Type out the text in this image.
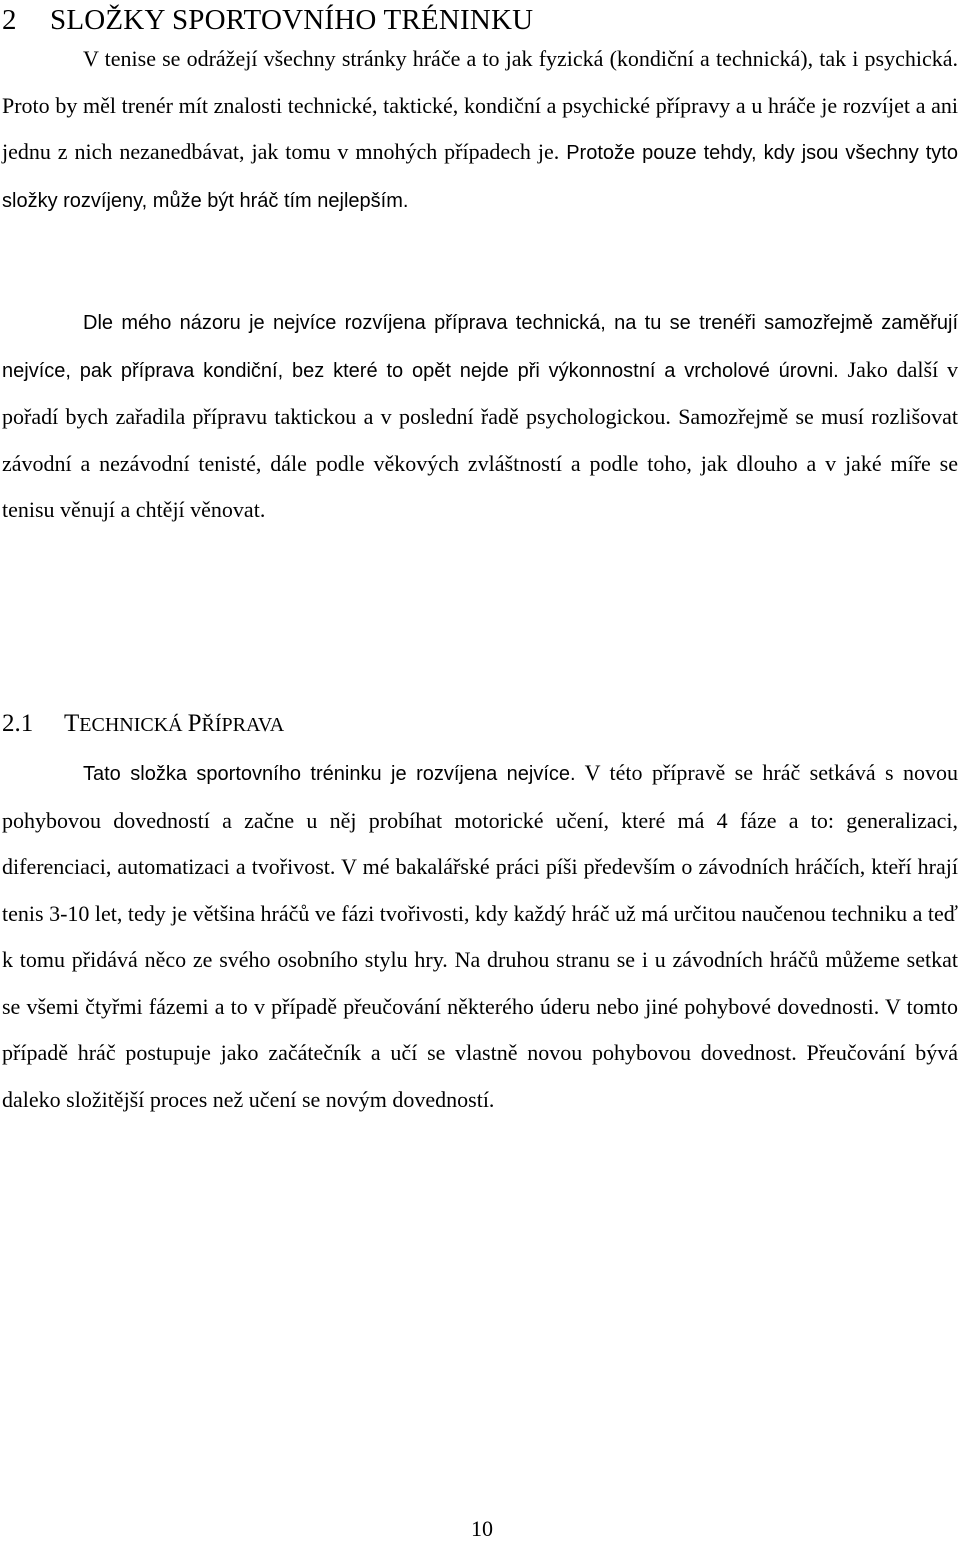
2 SLOŽKY SPORTOVNÍHO TRÉNINKU

V tenise se odrážejí všechny stránky hráče a to jak fyzická (kondiční a technická), tak i psychická. Proto by měl trenér mít znalosti technické, taktické, kondiční a psychické přípravy a u hráče je rozvíjet a ani jednu z nich nezanedbávat, jak tomu v mnohých případech je. Protože pouze tehdy, kdy jsou všechny tyto složky rozvíjeny, může být hráč tím nejlepším.

Dle mého názoru je nejvíce rozvíjena příprava technická, na tu se trenéři samozřejmě zaměřují nejvíce, pak příprava kondiční, bez které to opět nejde při výkonnostní a vrcholové úrovni. Jako další v pořadí bych zařadila přípravu taktickou a v poslední řadě psychologickou. Samozřejmě se musí rozlišovat závodní a nezávodní tenisté, dále podle věkových zvláštností a podle toho, jak dlouho a v jaké míře se tenisu věnují a chtějí věnovat.

2.1 TECHNICKÁ PŘÍPRAVA

Tato složka sportovního tréninku je rozvíjena nejvíce. V této přípravě se hráč setkává s novou pohybovou dovedností a začne u něj probíhat motorické učení, které má 4 fáze a to: generalizaci, diferenciaci, automatizaci a tvořivost. V mé bakalářské práci píši především o závodních hráčích, kteří hrají tenis 3-10 let, tedy je většina hráčů ve fázi tvořivosti, kdy každý hráč už má určitou naučenou techniku a teď k tomu přidává něco ze svého osobního stylu hry. Na druhou stranu se i u závodních hráčů můžeme setkat se všemi čtyřmi fázemi a to v případě přeučování některého úderu nebo jiné pohybové dovednosti. V tomto případě hráč postupuje jako začátečník a učí se vlastně novou pohybovou dovednost. Přeučování bývá daleko složitější proces než učení se novým dovedností.

10
